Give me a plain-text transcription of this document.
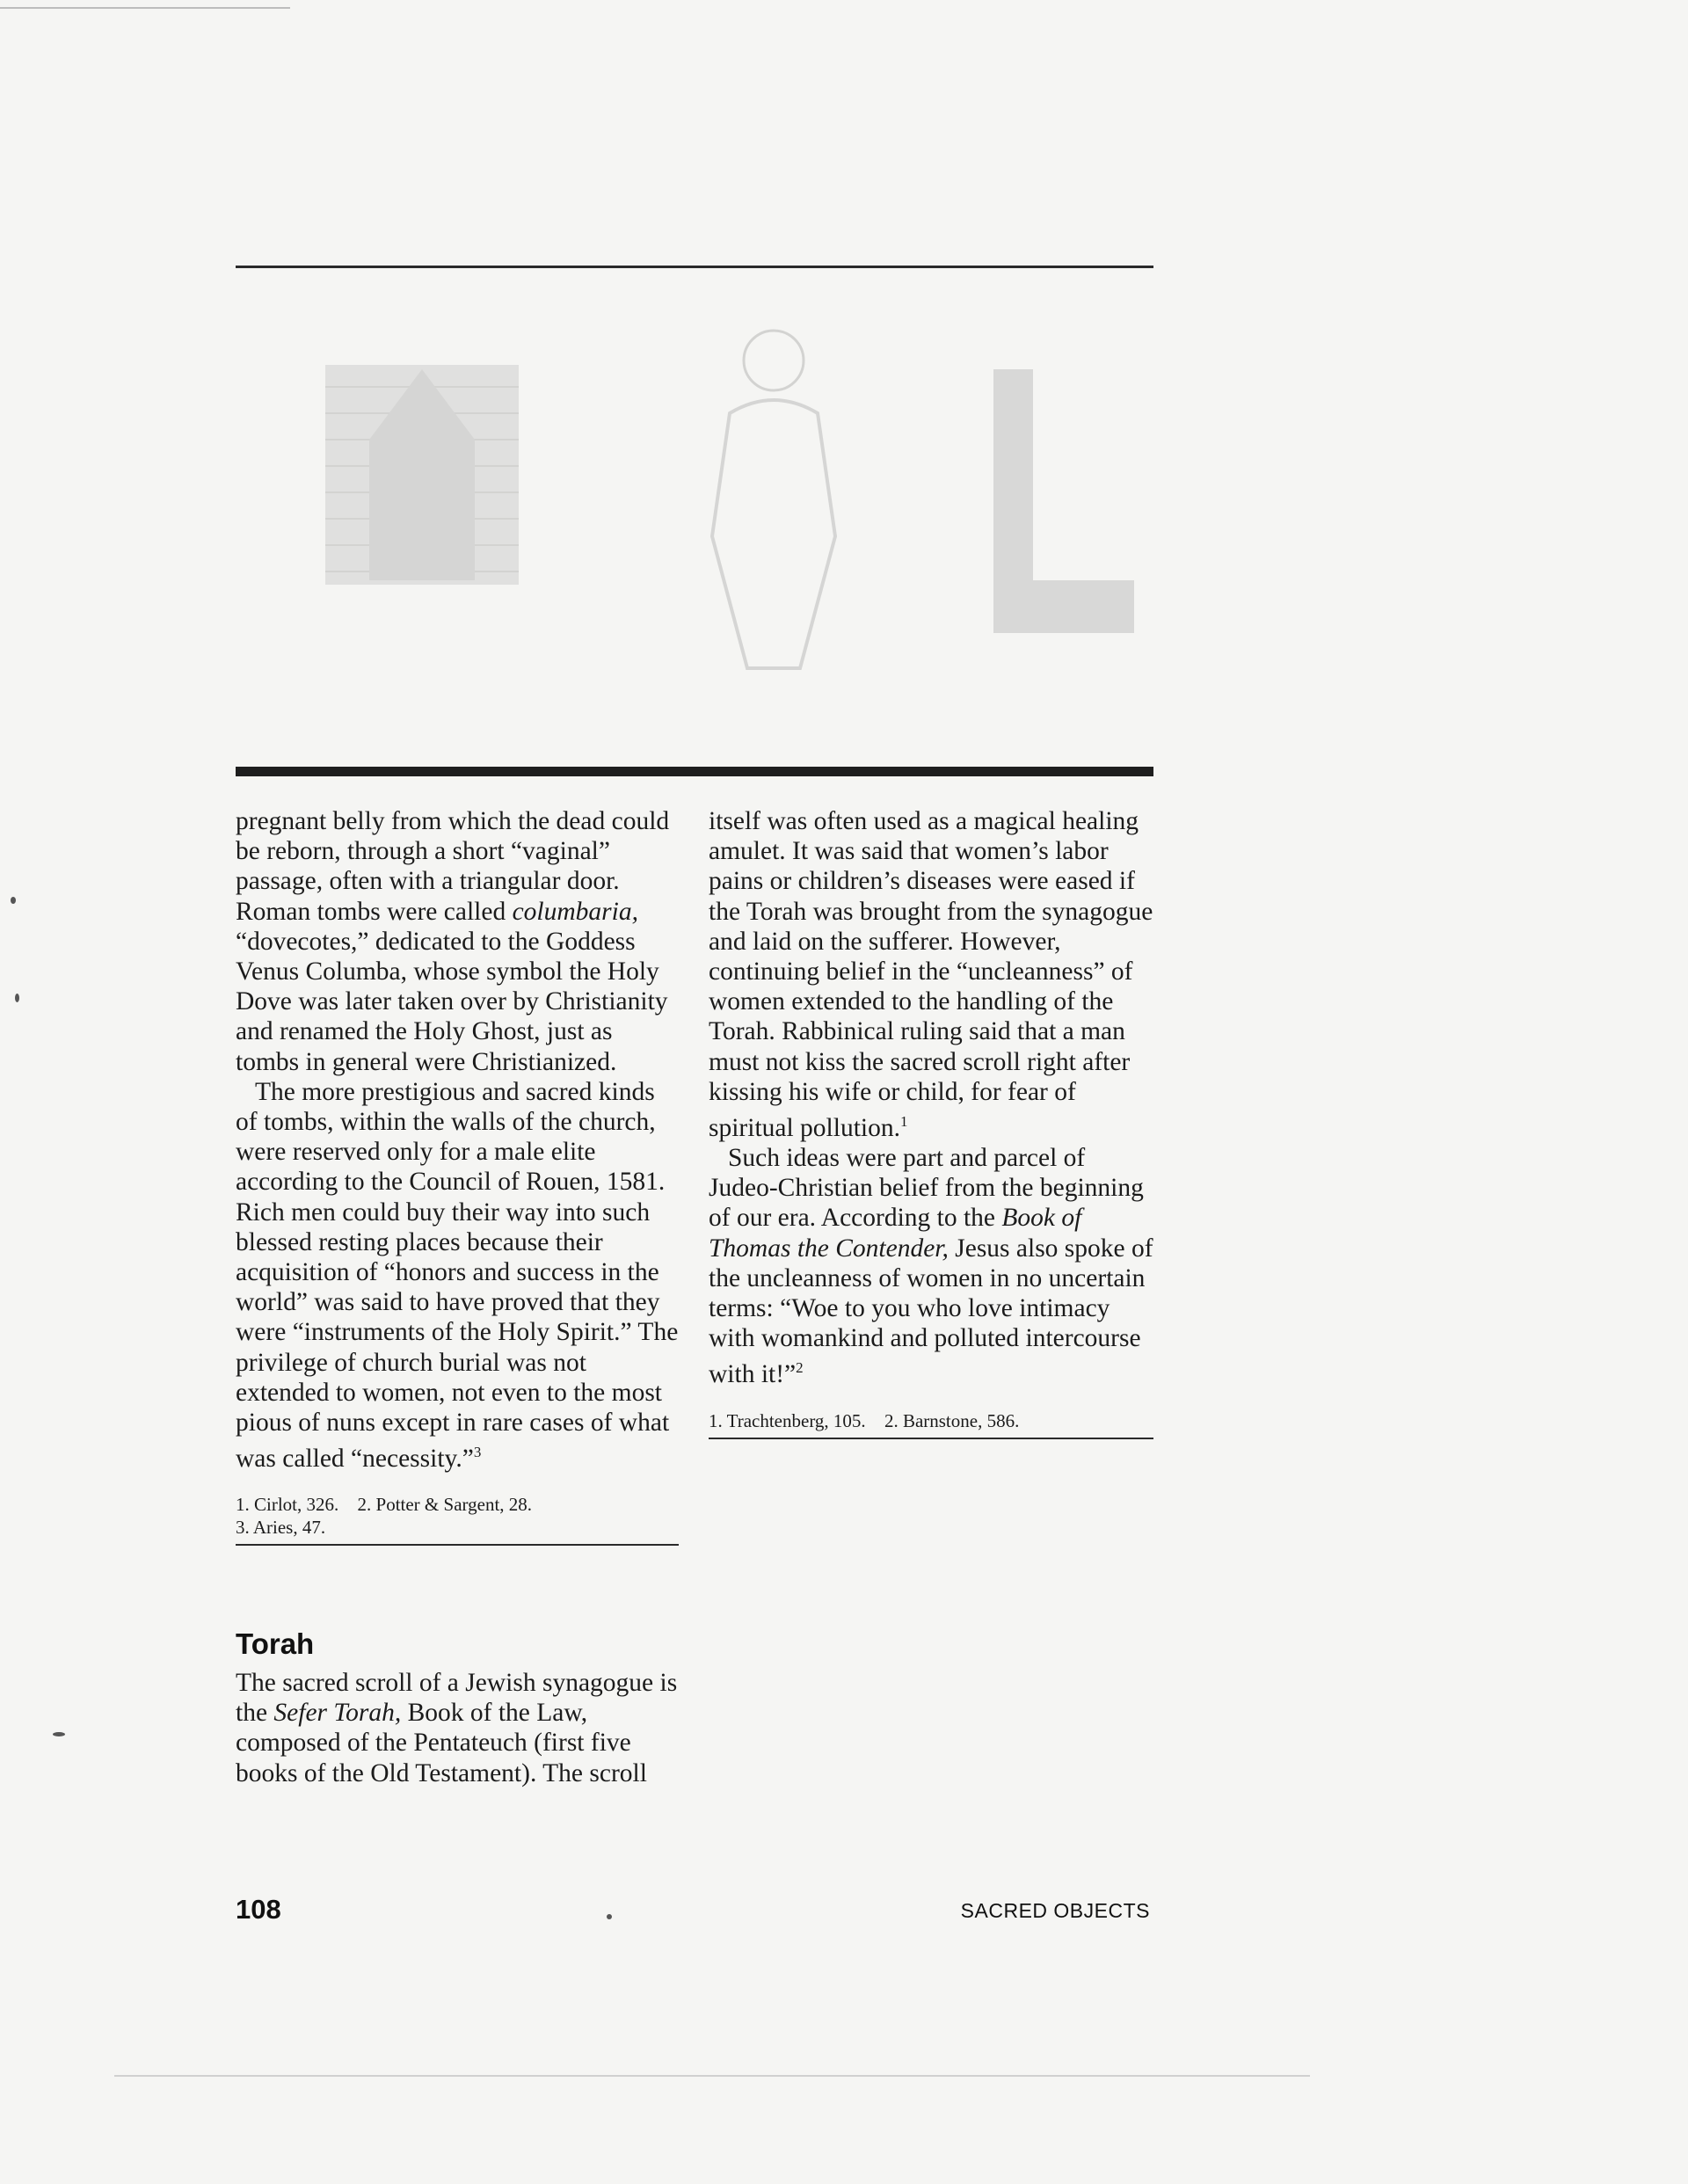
pregnant belly from which the dead could be reborn, through a short “vaginal” passage, often with a triangular door. Roman tombs were called columbaria, “dovecotes,” dedicated to the Goddess Venus Columba, whose symbol the Holy Dove was later taken over by Christianity and renamed the Holy Ghost, just as tombs in general were Christianized.

The more prestigious and sacred kinds of tombs, within the walls of the church, were reserved only for a male elite according to the Council of Rouen, 1581. Rich men could buy their way into such blessed resting places because their acquisition of “honors and success in the world” was said to have proved that they were “instruments of the Holy Spirit.” The privilege of church burial was not extended to women, not even to the most pious of nuns except in rare cases of what was called “necessity.”$^3$

1. Cirlot, 326. 2. Potter & Sargent, 28.
3. Aries, 47.

itself was often used as a magical healing amulet. It was said that women’s labor pains or children’s diseases were eased if the Torah was brought from the synagogue and laid on the sufferer. However, continuing belief in the “uncleanness” of women extended to the handling of the Torah. Rabbinical ruling said that a man must not kiss the sacred scroll right after kissing his wife or child, for fear of spiritual pollution.$^1$

Such ideas were part and parcel of Judeo-Christian belief from the beginning of our era. According to the Book of Thomas the Contender, Jesus also spoke of the uncleanness of women in no uncertain terms: “Woe to you who love intimacy with womankind and polluted intercourse with it!”$^2$

1. Trachtenberg, 105. 2. Barnstone, 586.
Torah

The sacred scroll of a Jewish synagogue is the Sefer Torah, Book of the Law, composed of the Pentateuch (first five books of the Old Testament). The scroll

108	SACRED OBJECTS
